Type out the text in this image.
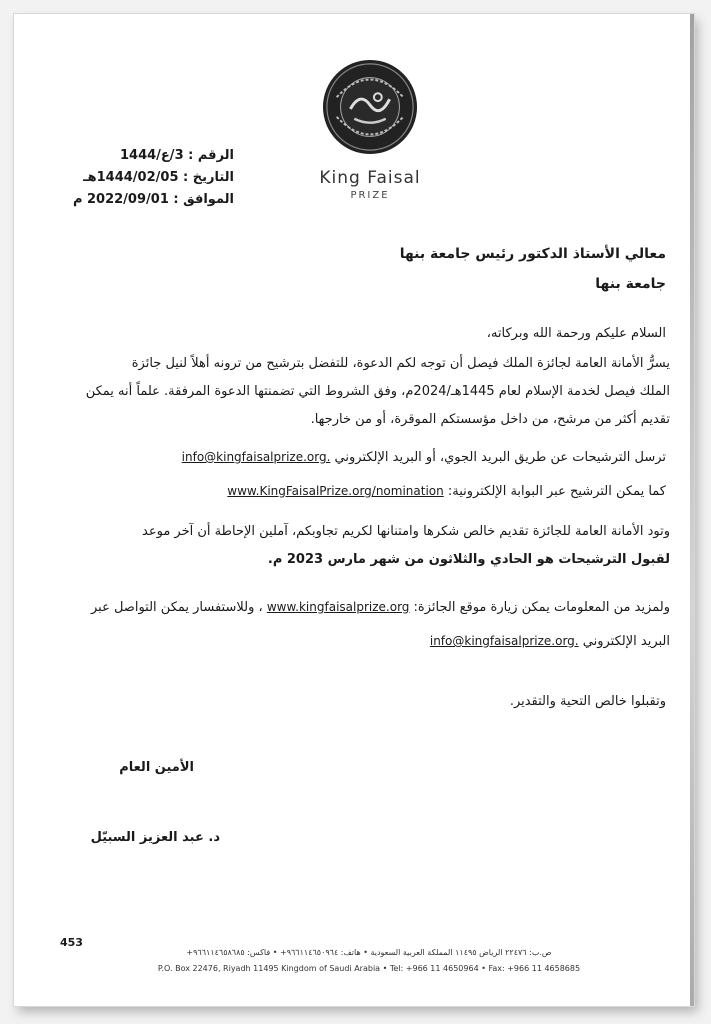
King Faisal
PRIZE
الرقم : 3/ع/1444
التاريخ : 1444/02/05هـ
الموافق : 2022/09/01 م
معالي الأستاذ الدكتور رئيس جامعة بنها
جامعة بنها
السلام عليكم ورحمة الله وبركاته،
يسرُّ الأمانة العامة لجائزة الملك فيصل أن توجه لكم الدعوة، للتفضل بترشيح من ترونه أهلاً لنيل جائزة
الملك فيصل لخدمة الإسلام لعام 1445هـ/2024م، وفق الشروط التي تضمنتها الدعوة المرفقة. علماً أنه يمكن
تقديم أكثر من مرشح، من داخل مؤسستكم الموقرة، أو من خارجها.
ترسل الترشيحات عن طريق البريد الجوي، أو البريد الإلكتروني info@kingfaisalprize.org.
كما يمكن الترشيح عبر البوابة الإلكترونية: www.KingFaisalPrize.org/nomination
وتود الأمانة العامة للجائزة تقديم خالص شكرها وامتنانها لكريم تجاوبكم، آملين الإحاطة أن آخر موعد
لقبول الترشيحات هو الحادي والثلاثون من شهر مارس 2023 م.
ولمزيد من المعلومات يمكن زيارة موقع الجائزة: www.kingfaisalprize.org ، وللاستفسار يمكن التواصل عبر
البريد الإلكتروني info@kingfaisalprize.org.
وتقبلوا خالص التحية والتقدير.
الأمين العام
د. عبد العزيز السبيّل
453
ص.ب: ٢٢٤٧٦ الرياض ١١٤٩٥ المملكة العربية السعودية • هاتف: ٩٦٦١١٤٦٥٠٩٦٤+ • فاكس: ٩٦٦١١٤٦٥٨٦٨٥+
P.O. Box 22476, Riyadh 11495 Kingdom of Saudi Arabia • Tel: +966 11 4650964 • Fax: +966 11 4658685
